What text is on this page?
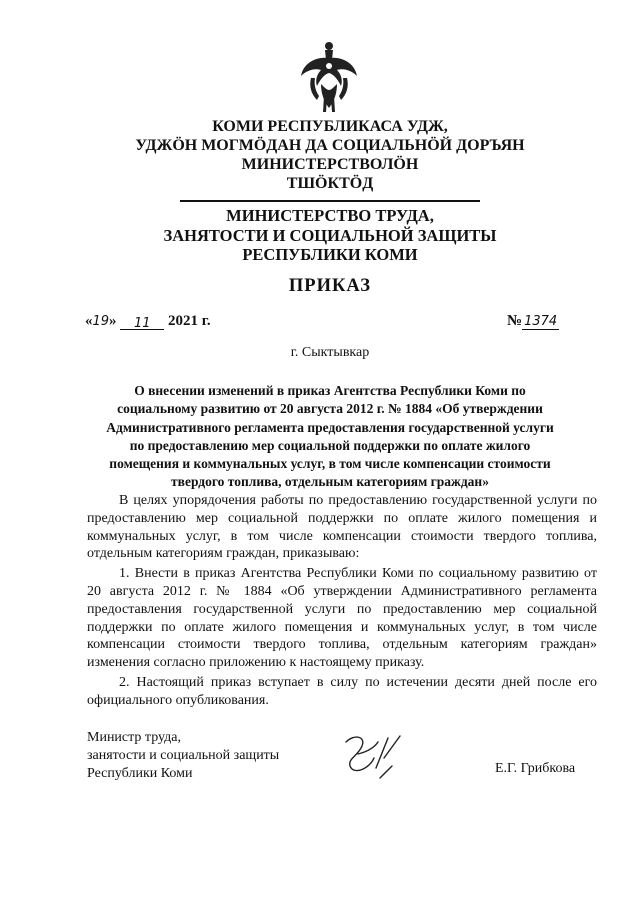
КОМИ РЕСПУБЛИКАСА УДЖ,
УДЖӦН МОГМӦДАН ДА СОЦИАЛЬНӦЙ ДОРЪЯН
МИНИСТЕРСТВОЛӦН
ТШӦКТӦД
МИНИСТЕРСТВО ТРУДА,
ЗАНЯТОСТИ И СОЦИАЛЬНОЙ ЗАЩИТЫ
РЕСПУБЛИКИ КОМИ
ПРИКАЗ
«19» 11 2021 г.	№ 1374
г. Сыктывкар
О внесении изменений в приказ Агентства Республики Коми по
социальному развитию от 20 августа 2012 г. № 1884 «Об утверждении
Административного регламента предоставления государственной услуги
по предоставлению мер социальной поддержки по оплате жилого
помещения и коммунальных услуг, в том числе компенсации стоимости
твердого топлива, отдельным категориям граждан»

В целях упорядочения работы по предоставлению государственной услуги по предоставлению мер социальной поддержки по оплате жилого помещения и коммунальных услуг, в том числе компенсации стоимости твердого топлива, отдельным категориям граждан, приказываю:

1. Внести в приказ Агентства Республики Коми по социальному развитию от 20 августа 2012 г. № 1884 «Об утверждении Административного регламента предоставления государственной услуги по предоставлению мер социальной поддержки по оплате жилого помещения и коммунальных услуг, в том числе компенсации стоимости твердого топлива, отдельным категориям граждан» изменения согласно приложению к настоящему приказу.

2. Настоящий приказ вступает в силу по истечении десяти дней после его официального опубликования.

Министр труда,
занятости и социальной защиты
Республики Коми	Е.Г. Грибкова
